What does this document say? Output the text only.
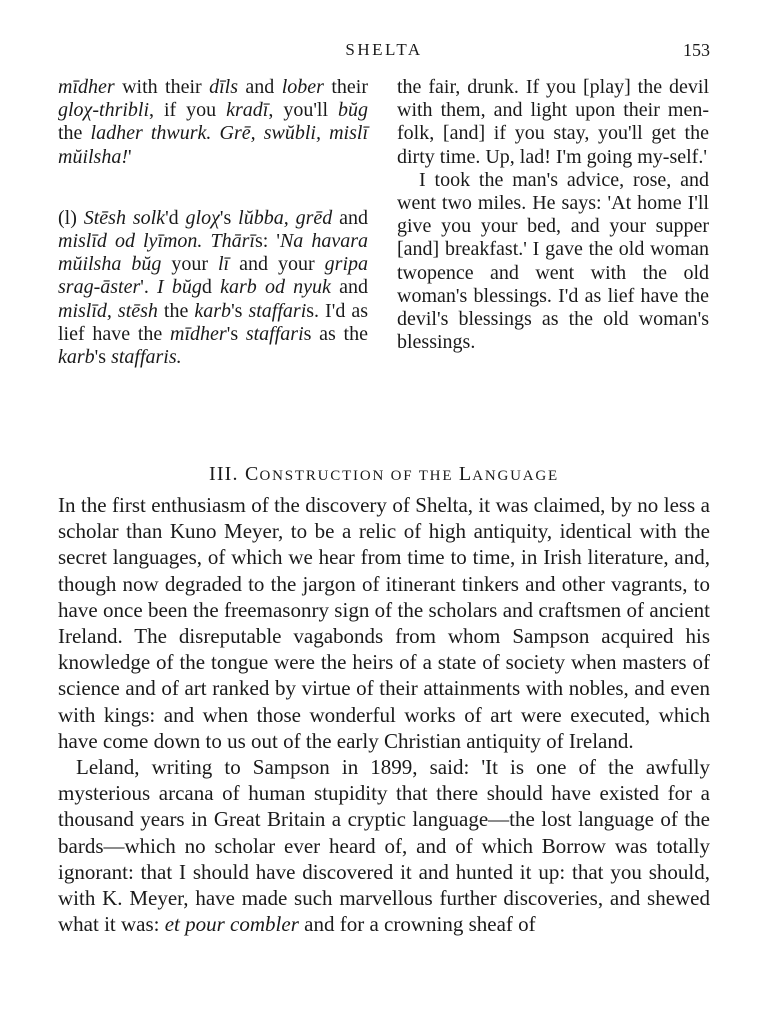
SHELTA	153

mīdher with their dīls and lober their gloχ-thribli, if you kradī, you'll bŭg the ladher thwurk. Grē, swŭbli, mislī mŭilsha!'

(l) Stēsh solk'd gloχ's lŭbba, grēd and mislīd od lyīmon. Thārīs: 'Na havara mŭilsha bŭg your lī and your gripa srag-āster'. I bŭgd karb od nyuk and mislīd, stēsh the karb's staffaris. I'd as lief have the mīdher's staffaris as the karb's staffaris.

the fair, drunk. If you [play] the devil with them, and light upon their men-folk, [and] if you stay, you'll get the dirty time. Up, lad! I'm going my-self.'

I took the man's advice, rose, and went two miles. He says: 'At home I'll give you your bed, and your supper [and] breakfast.' I gave the old woman twopence and went with the old woman's blessings. I'd as lief have the devil's blessings as the old woman's blessings.

III. CONSTRUCTION OF THE LANGUAGE

In the first enthusiasm of the discovery of Shelta, it was claimed, by no less a scholar than Kuno Meyer, to be a relic of high antiquity, identical with the secret languages, of which we hear from time to time, in Irish literature, and, though now degraded to the jargon of itinerant tinkers and other vagrants, to have once been the freemasonry sign of the scholars and craftsmen of ancient Ireland. The disreputable vagabonds from whom Sampson acquired his knowledge of the tongue were the heirs of a state of society when masters of science and of art ranked by virtue of their attainments with nobles, and even with kings: and when those wonderful works of art were executed, which have come down to us out of the early Christian antiquity of Ireland.

Leland, writing to Sampson in 1899, said: 'It is one of the awfully mysterious arcana of human stupidity that there should have existed for a thousand years in Great Britain a cryptic language—the lost language of the bards—which no scholar ever heard of, and of which Borrow was totally ignorant: that I should have discovered it and hunted it up: that you should, with K. Meyer, have made such marvellous further discoveries, and shewed what it was: et pour combler and for a crowning sheaf of
